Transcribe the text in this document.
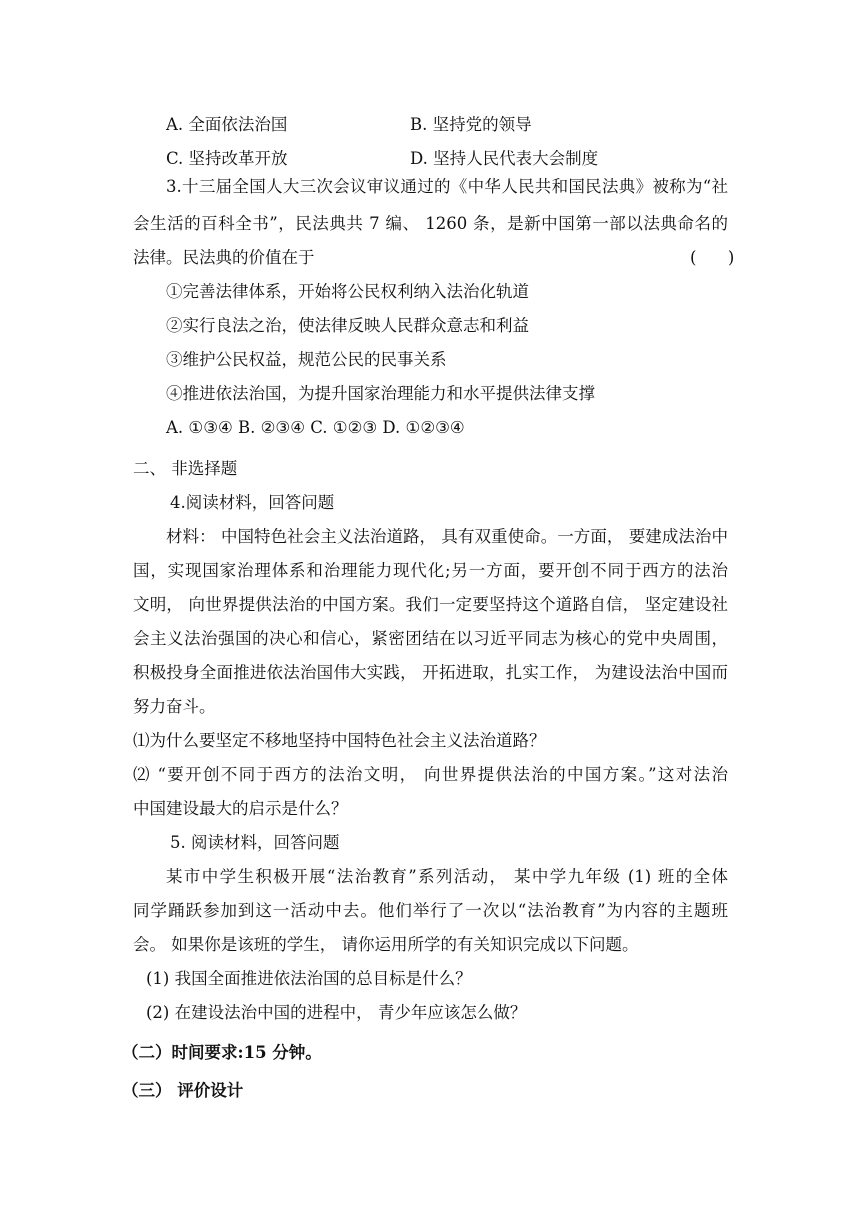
A. 全面依法治国	B. 坚持党的领导
C. 坚持改革开放	D. 坚持人民代表大会制度
3.十三届全国人大三次会议审议通过的《中华人民共和国民法典》被称为“社
会生活的百科全书”，民法典共 7 编、 1260 条，是新中国第一部以法典命名的
法律。民法典的价值在于	(      )
①完善法律体系，开始将公民权利纳入法治化轨道
②实行良法之治，使法律反映人民群众意志和利益
③维护公民权益，规范公民的民事关系
④推进依法治国，为提升国家治理能力和水平提供法律支撑
A. ①③④ B. ②③④ C. ①②③ D. ①②③④
二、 非选择题
4.阅读材料，回答问题
材料： 中国特色社会主义法治道路， 具有双重使命。一方面， 要建成法治中
国，实现国家治理体系和治理能力现代化;另一方面，要开创不同于西方的法治
文明， 向世界提供法治的中国方案。我们一定要坚持这个道路自信， 坚定建设社
会主义法治强国的决心和信心，紧密团结在以习近平同志为核心的党中央周围，
积极投身全面推进依法治国伟大实践， 开拓进取，扎实工作， 为建设法治中国而
努力奋斗。
⑴为什么要坚定不移地坚持中国特色社会主义法治道路？
⑵ “要开创不同于西方的法治文明， 向世界提供法治的中国方案。”这对法治
中国建设最大的启示是什么？
5. 阅读材料，回答问题
某市中学生积极开展“法治教育”系列活动， 某中学九年级 (1) 班的全体
同学踊跃参加到这一活动中去。他们举行了一次以“法治教育”为内容的主题班
会。 如果你是该班的学生， 请你运用所学的有关知识完成以下问题。
(1) 我国全面推进依法治国的总目标是什么？
(2) 在建设法治中国的进程中， 青少年应该怎么做？
（二）时间要求:15 分钟。
（三） 评价设计
